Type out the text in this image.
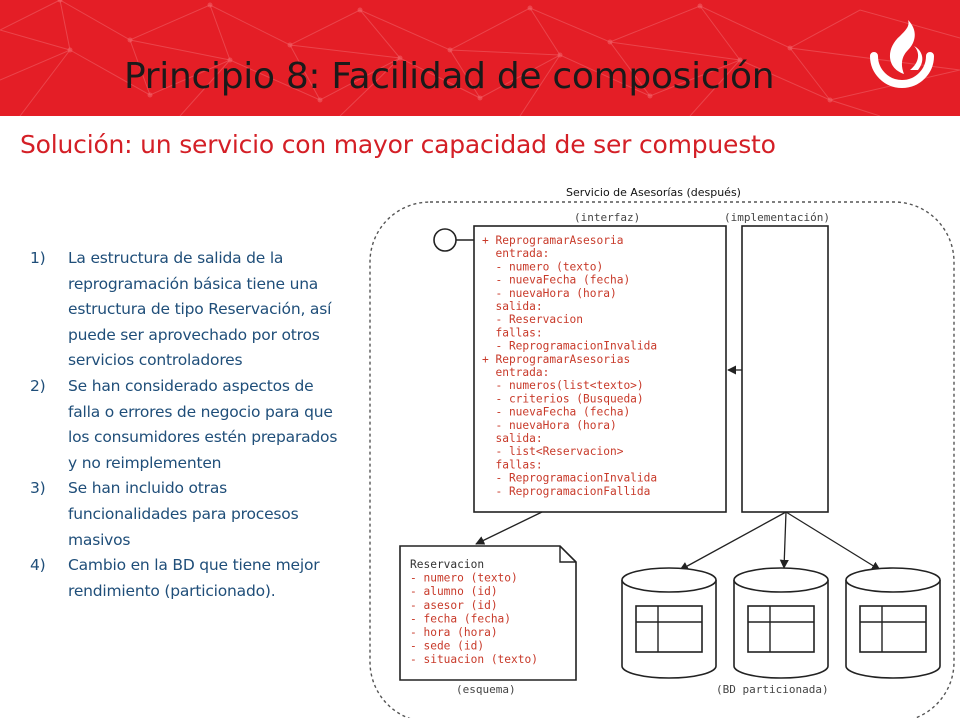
Principio 8: Facilidad de composición
Solución: un servicio con mayor capacidad de ser compuesto
1) La estructura de salida de la reprogramación básica tiene una estructura de tipo Reservación, así puede ser aprovechado por otros servicios controladores
2) Se han considerado aspectos de falla o errores de negocio para que los consumidores estén preparados y no reimplementen
3) Se han incluido otras funcionalidades para procesos masivos
4) Cambio en la BD que tiene mejor rendimiento (particionado).
Servicio de Asesorías (después)
(interfaz)	(implementación)
+ ReprogramarAsesoria
entrada:
- numero (texto)
- nuevaFecha (fecha)
- nuevaHora (hora)
salida:
- Reservacion
fallas:
- ReprogramacionInvalida
+ ReprogramarAsesorias
entrada:
- numeros(list<texto>)
- criterios (Busqueda)
- nuevaFecha (fecha)
- nuevaHora (hora)
salida:
- list<Reservacion>
fallas:
- ReprogramacionInvalida
- ReprogramacionFallida
Reservacion
- numero (texto)
- alumno (id)
- asesor (id)
- fecha (fecha)
- hora (hora)
- sede (id)
- situacion (texto)
(esquema)	(BD particionada)
